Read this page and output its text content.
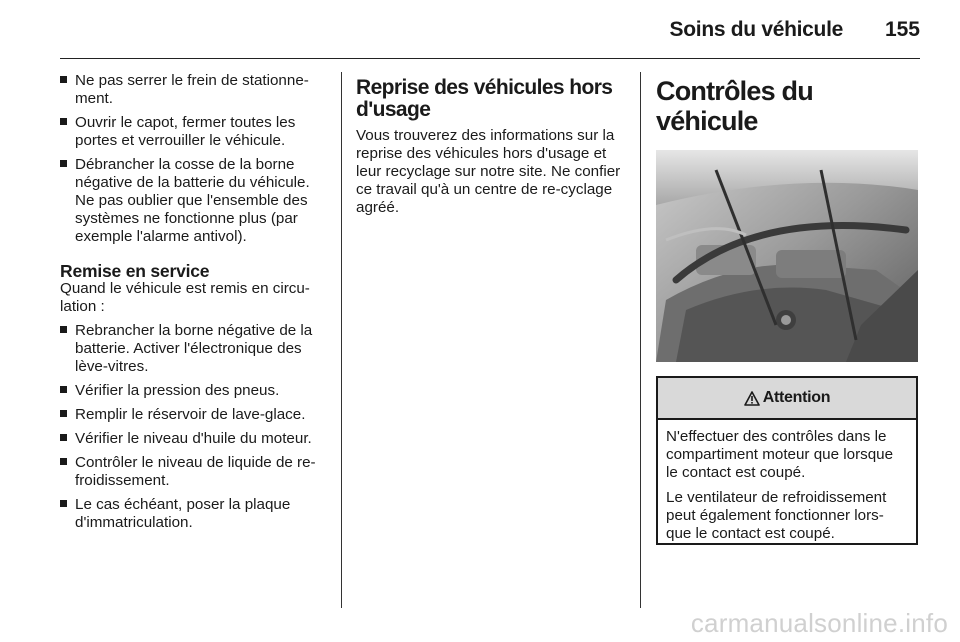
Soins du véhicule 155
Ne pas serrer le frein de stationne-ment.
Ouvrir le capot, fermer toutes les portes et verrouiller le véhicule.
Débrancher la cosse de la borne négative de la batterie du véhicule. Ne pas oublier que l'ensemble des systèmes ne fonctionne plus (par exemple l'alarme antivol).
Remise en service
Quand le véhicule est remis en circu-lation :
Rebrancher la borne négative de la batterie. Activer l'électronique des lève-vitres.
Vérifier la pression des pneus.
Remplir le réservoir de lave-glace.
Vérifier le niveau d'huile du moteur.
Contrôler le niveau de liquide de re-froidissement.
Le cas échéant, poser la plaque d'immatriculation.
Reprise des véhicules hors d'usage
Vous trouverez des informations sur la reprise des véhicules hors d'usage et leur recyclage sur notre site. Ne confier ce travail qu'à un centre de re-cyclage agréé.
Contrôles du véhicule
Attention
N'effectuer des contrôles dans le compartiment moteur que lorsque le contact est coupé.
Le ventilateur de refroidissement peut également fonctionner lors-que le contact est coupé.
carmanualsonline.info
